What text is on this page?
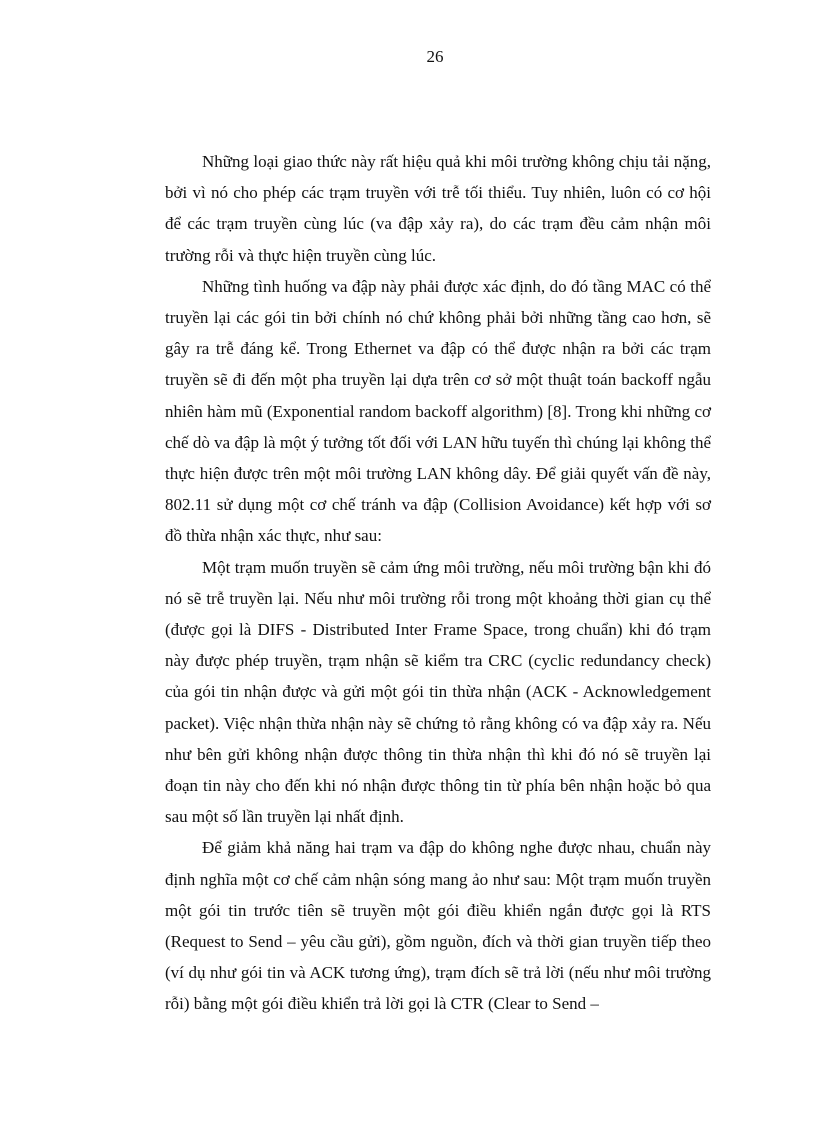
26

Những loại giao thức này rất hiệu quả khi môi trường không chịu tải nặng, bởi vì nó cho phép các trạm truyền với trễ tối thiểu. Tuy nhiên, luôn có cơ hội để các trạm truyền cùng lúc (va đập xảy ra), do các trạm đều cảm nhận môi trường rỗi và thực hiện truyền cùng lúc.

Những tình huống va đập này phải được xác định, do đó tầng MAC có thể truyền lại các gói tin bởi chính nó chứ không phải bởi những tầng cao hơn, sẽ gây ra trễ đáng kể. Trong Ethernet va đập có thể được nhận ra bởi các trạm truyền sẽ đi đến một pha truyền lại dựa trên cơ sở một thuật toán backoff ngẫu nhiên hàm mũ (Exponential random backoff algorithm) [8]. Trong khi những cơ chế dò va đập là một ý tưởng tốt đối với LAN hữu tuyến thì chúng lại không thể thực hiện được trên một môi trường LAN không dây. Để giải quyết vấn đề này, 802.11 sử dụng một cơ chế tránh va đập (Collision Avoidance) kết hợp với sơ đồ thừa nhận xác thực, như sau:

Một trạm muốn truyền sẽ cảm ứng môi trường, nếu môi trường bận khi đó nó sẽ trễ truyền lại. Nếu như môi trường rỗi trong một khoảng thời gian cụ thể (được gọi là DIFS - Distributed Inter Frame Space, trong chuẩn) khi đó trạm này được phép truyền, trạm nhận sẽ kiểm tra CRC (cyclic redundancy check) của gói tin nhận được và gửi một gói tin thừa nhận (ACK - Acknowledgement packet). Việc nhận thừa nhận này sẽ chứng tỏ rằng không có va đập xảy ra. Nếu như bên gửi không nhận được thông tin thừa nhận thì khi đó nó sẽ truyền lại đoạn tin này cho đến khi nó nhận được thông tin từ phía bên nhận hoặc bỏ qua sau một số lần truyền lại nhất định.

Để giảm khả năng hai trạm va đập do không nghe được nhau, chuẩn này định nghĩa một cơ chế cảm nhận sóng mang ảo như sau: Một trạm muốn truyền một gói tin trước tiên sẽ truyền một gói điều khiển ngắn được gọi là RTS (Request to Send – yêu cầu gửi), gồm nguồn, đích và thời gian truyền tiếp theo (ví dụ như gói tin và ACK tương ứng), trạm đích sẽ trả lời (nếu như môi trường rỗi) bằng một gói điều khiển trả lời gọi là CTR (Clear to Send –
